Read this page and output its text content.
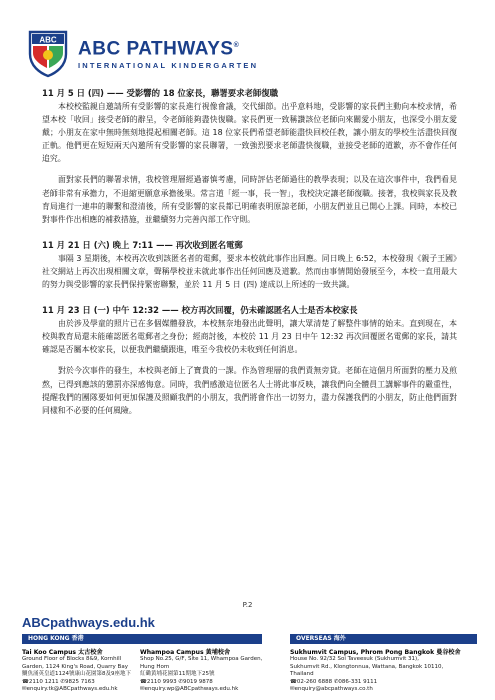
ABC ABC PATHWAYS®
INTERNATIONAL KINDERGARTEN

11 月 5 日 (四) —— 受影響的 18 位家長，聯署要求老師復職

本校校監親自邀請所有受影響的家長進行視像會議，交代細節。出乎意料地，受影響的家長們主動向本校求情，希望本校「收回」接受老師的辭呈，令老師能夠盡快復職。家長們更一致稱讚該位老師向來關愛小朋友，也深受小朋友愛戴；小朋友在家中無時無刻地提起相關老師。這 18 位家長們希望老師能盡快回校任教，讓小朋友的學校生活盡快回復正軌。他們更在短短兩天內邀所有受影響的家長聯署，一致強烈要求老師盡快復職，並接受老師的道歉，亦不會作任何追究。

面對家長們的聯署求情，我校管理層經過審慎考慮，同時評估老師過往的教學表現；以及在這次事件中，我們看見老師非常有承擔力，不退縮更願意承擔後果。常言道「經一事，長一智」，我校決定讓老師復職。接著，我校與家長及教育局進行一連串的聯繫和澄清後，所有受影響的家長都已明確表明原諒老師，小朋友們並且已開心上課。同時，本校已對事件作出相應的補救措施，並繼續努力完善內部工作守則。

11 月 21 日 (六) 晚上 7:11 —— 再次收到匿名電郵

事隔 3 星期後，本校再次收到該匿名者的電郵，要求本校就此事作出回應。同日晚上 6:52，本校發現《親子王國》社交網站上再次出現相關文章，聲稱學校並未就此事作出任何回應及道歉。然而由事情開始發展至今，本校一直用最大的努力與受影響的家長們保持緊密聯繫，並於 11 月 5 日 (四) 達成以上所述的一致共識。

11 月 23 日 (一) 中午 12:32 —— 校方再次回覆，仍未確認匿名人士是否本校家長

由於涉及學童的照片已在多個媒體發放，本校無奈地發出此聲明，讓大眾清楚了解整件事情的始末。直到現在，本校與教育局還未能確認匿名電郵者之身份；經商討後，本校於 11 月 23 日中午 12:32 再次回覆匿名電郵的家長，請其確認是否屬本校家長，以便我們繼續跟進，唯至今我校仍未收到任何消息。

對於今次事件的發生，本校與老師上了寶貴的一課。作為管理層的我們責無旁貸。老師在這個月所面對的壓力及煎熬，已得到應該的懲罰亦深感悔意。同時，我們感激這位匿名人士將此事反映，讓我們向全體員工講解事件的嚴重性，提醒我們的團隊要如何更加保護及照顧我們的小朋友，我們將會作出一切努力，盡力保護我們的小朋友，防止他們面對同樣和不必要的任何風險。

P.2
ABCpathways.edu.hk
HONG KONG 香港	OVERSEAS 海外
Tai Koo Campus 太古校舍
Ground Floor of Blocks 8&9, Kornhill
Garden, 1124 King's Road, Quarry Bay
鰂魚涌英皇道1124號康山花園第8及9座地下
☎2110 1211 ✆9825 7163
✉enquiry.tk@ABCpathways.edu.hk
Whampoa Campus 黃埔校舍
Shop No.25, G/F, Site 11, Whampoa Garden,
Hung Hom
紅磡黃埔花園第11期地下25號
☎2110 9993 ✆9019 9878
✉enquiry.wp@ABCpathways.edu.hk
Sukhumvit Campus, Phrom Pong Bangkok 曼谷校舍
House No. 92/32 Soi Taveesuk (Sukhumvit 31),
Sukhumvit Rd., Klongtonnua, Wattana, Bangkok 10110,
Thailand
☎02-260 6888 ✆086-331 9111
✉enquiry@abcpathways.co.th
